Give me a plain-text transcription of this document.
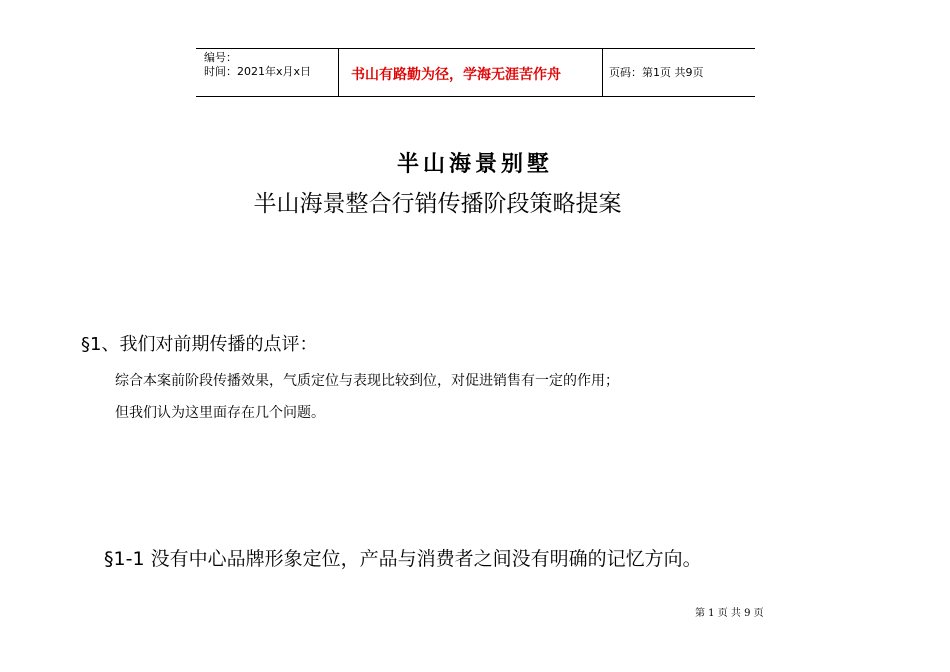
编号：
时间：2021年x月x日	书山有路勤为径，学海无涯苦作舟	页码：第1页 共9页
半山海景别墅
半山海景整合行销传播阶段策略提案
§1、我们对前期传播的点评：
综合本案前阶段传播效果，气质定位与表现比较到位，对促进销售有一定的作用；
但我们认为这里面存在几个问题。
§1-1 没有中心品牌形象定位，产品与消费者之间没有明确的记忆方向。
第 1 页 共 9 页
